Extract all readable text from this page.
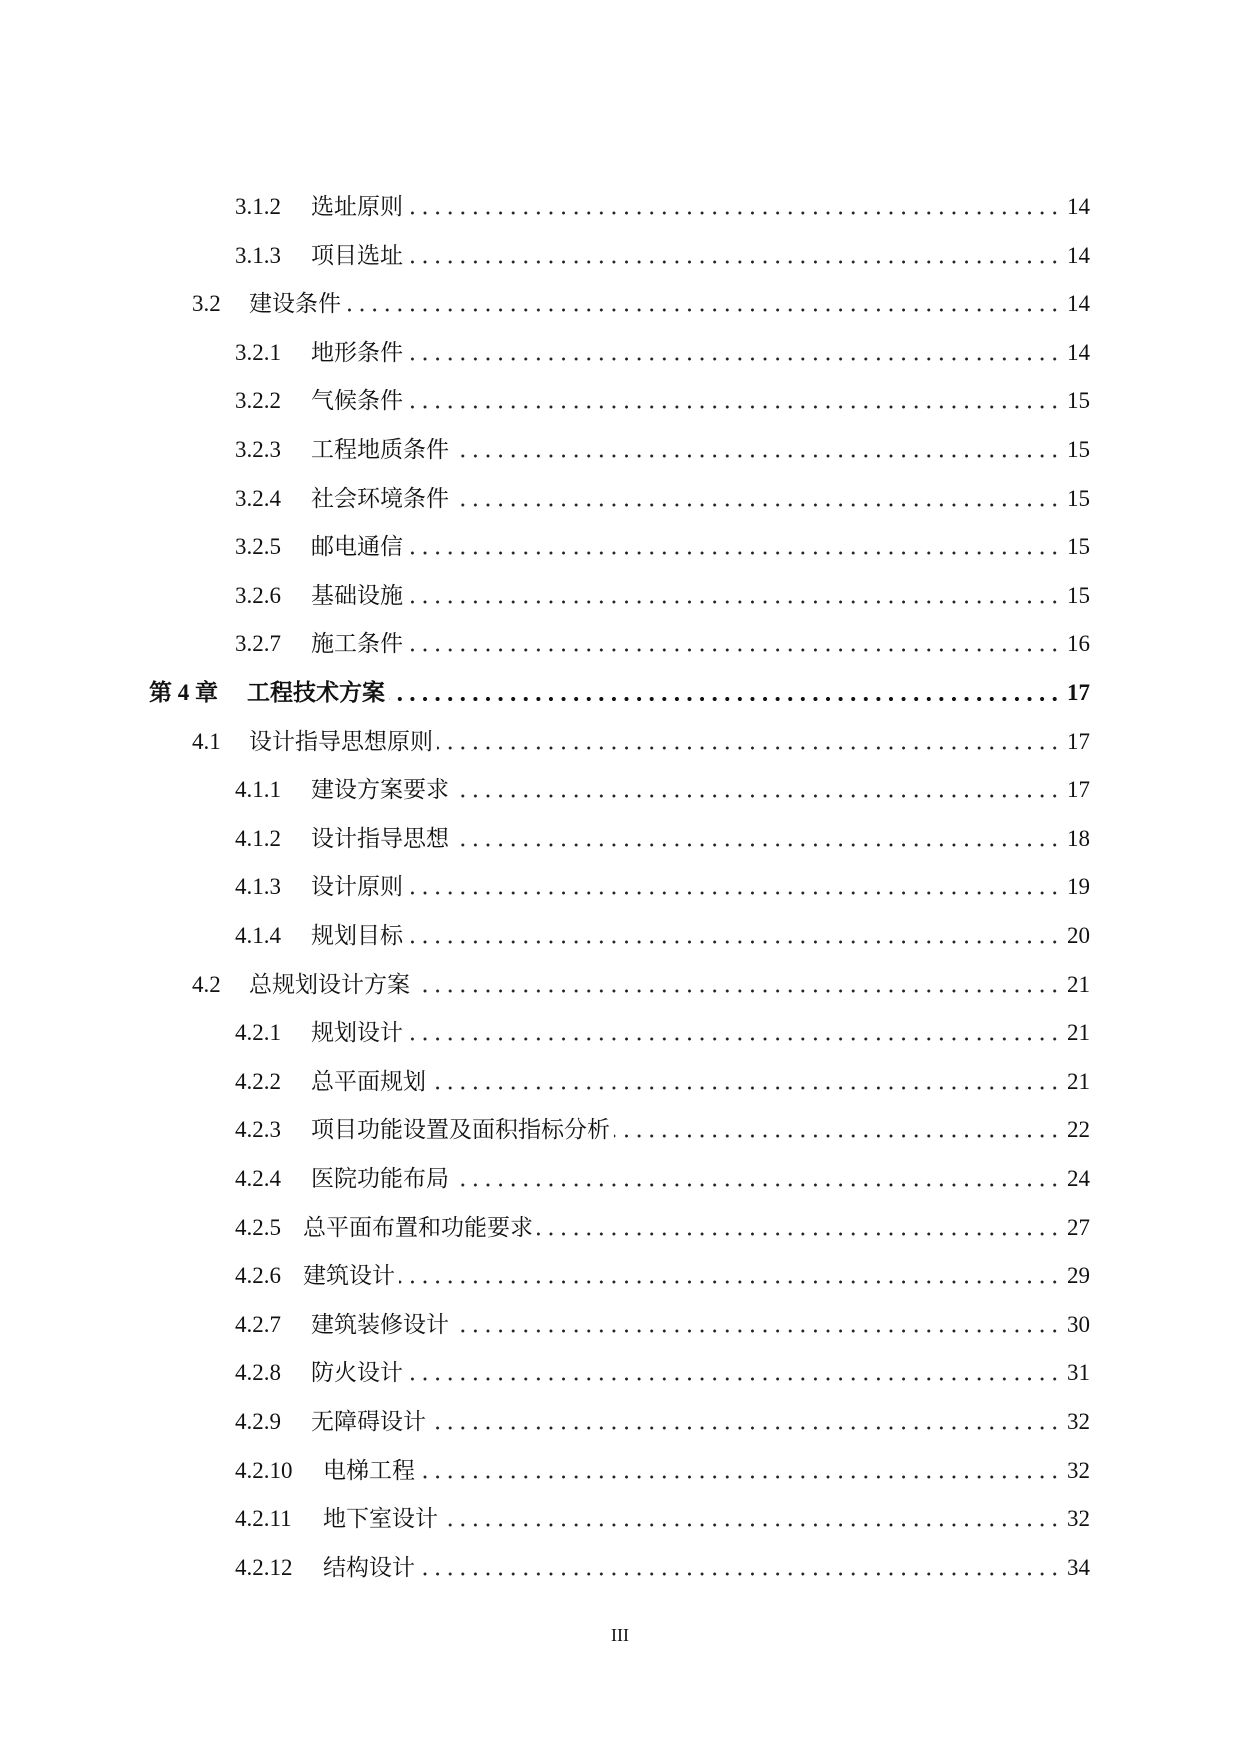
3.1.2	选址原则	14
3.1.3	项目选址	14
3.2	建设条件	14
3.2.1	地形条件	14
3.2.2	气候条件	15
3.2.3	工程地质条件	15
3.2.4	社会环境条件	15
3.2.5	邮电通信	15
3.2.6	基础设施	15
3.2.7	施工条件	16
第 4 章	工程技术方案	17
4.1	设计指导思想原则	17
4.1.1	建设方案要求	17
4.1.2	设计指导思想	18
4.1.3	设计原则	19
4.1.4	规划目标	20
4.2	总规划设计方案	21
4.2.1	规划设计	21
4.2.2	总平面规划	21
4.2.3	项目功能设置及面积指标分析	22
4.2.4	医院功能布局	24
4.2.5 总平面布置和功能要求	27
4.2.6 建筑设计	29
4.2.7	建筑装修设计	30
4.2.8	防火设计	31
4.2.9	无障碍设计	32
4.2.10	电梯工程	32
4.2.11	地下室设计	32
4.2.12	结构设计	34
III
